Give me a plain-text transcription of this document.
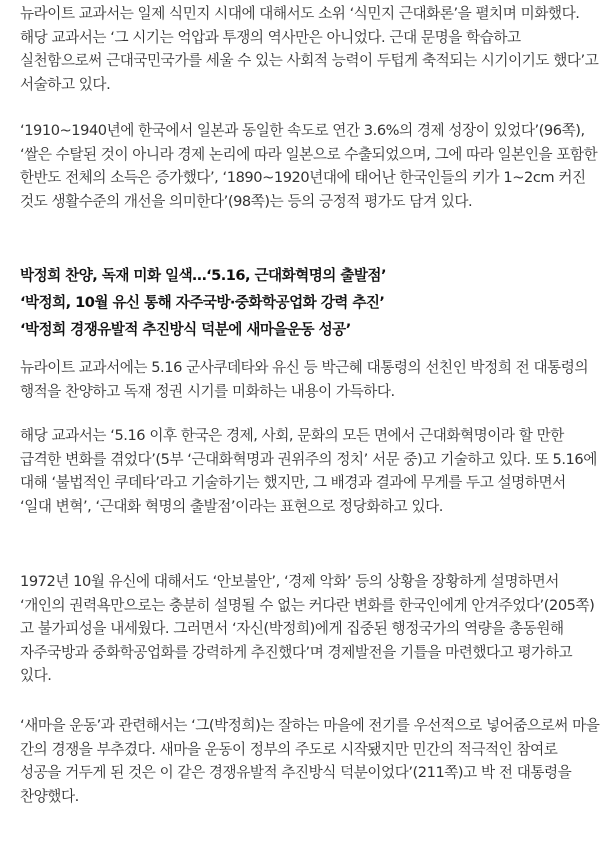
뉴라이트 교과서는 일제 식민지 시대에 대해서도 소위 ‘식민지 근대화론’을 펼치며 미화했다. 해당 교과서는 ‘그 시기는 억압과 투쟁의 역사만은 아니었다. 근대 문명을 학습하고 실천함으로써 근대국민국가를 세울 수 있는 사회적 능력이 두텁게 축적되는 시기이기도 했다’고 서술하고 있다.

‘1910~1940년에 한국에서 일본과 동일한 속도로 연간 3.6%의 경제 성장이 있었다’(96쪽), ‘쌀은 수탈된 것이 아니라 경제 논리에 따라 일본으로 수출되었으며, 그에 따라 일본인을 포함한 한반도 전체의 소득은 증가했다’, ‘1890~1920년대에 태어난 한국인들의 키가 1~2cm 커진 것도 생활수준의 개선을 의미한다’(98쪽)는 등의 긍정적 평가도 담겨 있다.

박정희 찬양, 독재 미화 일색…‘5.16, 근대화혁명의 출발점’
‘박정희, 10월 유신 통해 자주국방·중화학공업화 강력 추진’
‘박정희 경쟁유발적 추진방식 덕분에 새마을운동 성공’

뉴라이트 교과서에는 5.16 군사쿠데타와 유신 등 박근혜 대통령의 선친인 박정희 전 대통령의 행적을 찬양하고 독재 정권 시기를 미화하는 내용이 가득하다.

해당 교과서는 ‘5.16 이후 한국은 경제, 사회, 문화의 모든 면에서 근대화혁명이라 할 만한 급격한 변화를 겪었다’(5부 ‘근대화혁명과 권위주의 정치’ 서문 중)고 기술하고 있다. 또 5.16에 대해 ‘불법적인 쿠데타’라고 기술하기는 했지만, 그 배경과 결과에 무게를 두고 설명하면서 ‘일대 변혁’, ‘근대화 혁명의 출발점’이라는 표현으로 정당화하고 있다.

1972년 10월 유신에 대해서도 ‘안보불안’, ‘경제 악화’ 등의 상황을 장황하게 설명하면서 ‘개인의 권력욕만으로는 충분히 설명될 수 없는 커다란 변화를 한국인에게 안겨주었다’(205쪽)고 불가피성을 내세웠다. 그러면서 ‘자신(박정희)에게 집중된 행정국가의 역량을 총동원해 자주국방과 중화학공업화를 강력하게 추진했다’며 경제발전을 기틀을 마련했다고 평가하고 있다.

‘새마을 운동’과 관련해서는 ‘그(박정희)는 잘하는 마을에 전기를 우선적으로 넣어줌으로써 마을 간의 경쟁을 부추겼다. 새마을 운동이 정부의 주도로 시작됐지만 민간의 적극적인 참여로 성공을 거두게 된 것은 이 같은 경쟁유발적 추진방식 덕분이었다’(211쪽)고 박 전 대통령을 찬양했다.
